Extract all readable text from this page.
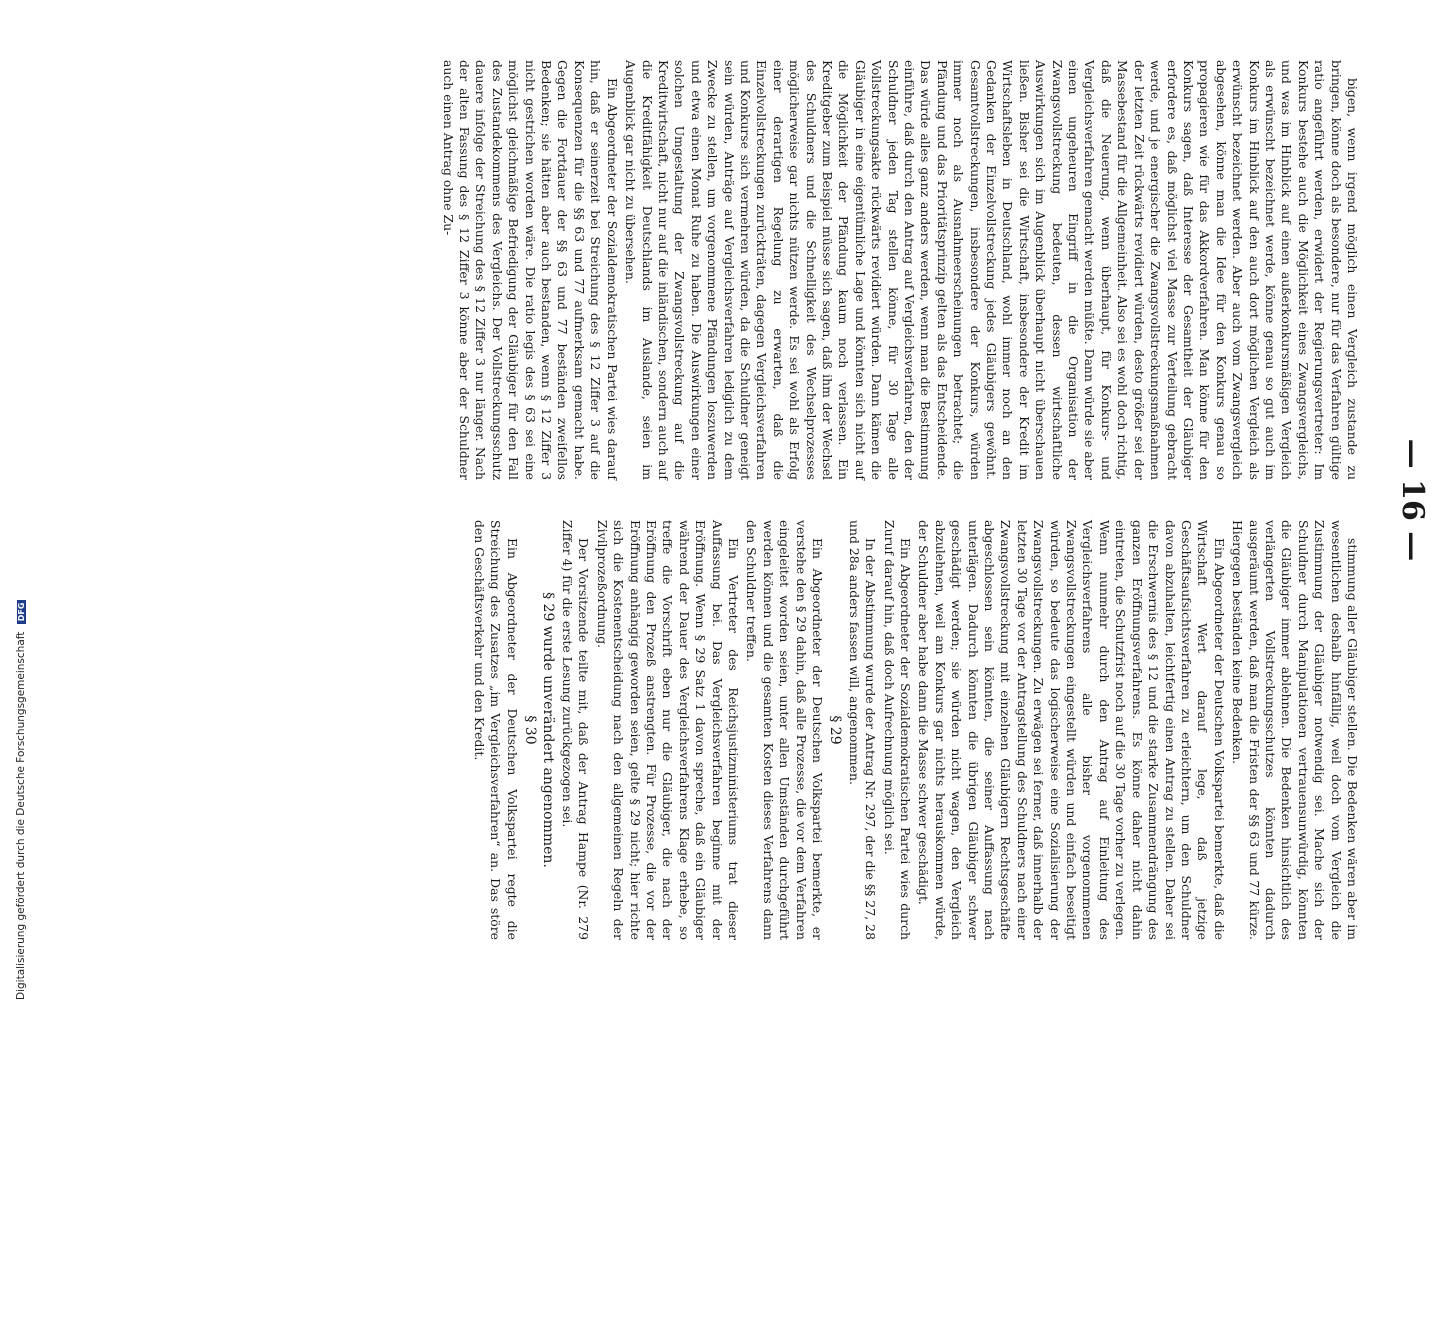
— 16 —

bigen, wenn irgend möglich einen Vergleich zustande zu bringen, könne doch als besondere, nur für das Verfahren gültige ratio angeführt werden, erwidert der Regierungsvertreter: Im Konkurs bestehe auch die Möglichkeit eines Zwangsvergleichs, und was im Hinblick auf einen außerkonkursmäßigen Vergleich als erwünscht bezeichnet werde, könne genau so gut auch im Konkurs im Hinblick auf den auch dort möglichen Vergleich als erwünscht bezeichnet werden. Aber auch vom Zwangsvergleich abgesehen, könne man die Idee für den Konkurs genau so propagieren wie für das Akkordverfahren. Man könne für den Konkurs sagen, daß Interesse der Gesamtheit der Gläubiger erfordere es, daß möglichst viel Masse zur Verteilung gebracht werde, und je energischer die Zwangsvollstreckungsmaßnahmen der letzten Zeit rückwärts revidiert würden, desto größer sei der Massebestand für die Allgemeinheit. Also sei es wohl doch richtig, daß die Neuerung, wenn überhaupt, für Konkurs- und Vergleichsverfahren gemacht werden müßte. Dann würde sie aber einen ungeheuren Eingriff in die Organisation der Zwangsvollstreckung bedeuten, dessen wirtschaftliche Auswirkungen sich im Augenblick überhaupt nicht überschauen ließen. Bisher sei die Wirtschaft, insbesondere der Kredit im Wirtschaftsleben in Deutschland, wohl immer noch an den Gedanken der Einzelvollstreckung jedes Gläubigers gewöhnt. Gesamtvollstreckungen, insbesondere der Konkurs, würden immer noch als Ausnahmeerscheinungen betrachtet; die Pfändung und das Prioritätsprinzip gelten als das Entscheidende. Das würde alles ganz anders werden, wenn man die Bestimmung einführe, daß durch den Antrag auf Vergleichsverfahren, den der Schuldner jeden Tag stellen könne, für 30 Tage alle Vollstreckungsakte rückwärts revidiert würden. Dann kämen die Gläubiger in eine eigentümliche Lage und könnten sich nicht auf die Möglichkeit der Pfändung kaum noch verlassen. Ein Kreditgeber zum Beispiel müsse sich sagen, daß ihm der Wechsel des Schuldners und die Schnelligkeit des Wechselprozesses möglicherweise gar nichts nützen werde. Es sei wohl als Erfolg einer derartigen Regelung zu erwarten, daß die Einzelvollstreckungen zurückträten, dagegen Vergleichsverfahren und Konkurse sich vermehren würden, da die Schuldner geneigt sein würden, Anträge auf Vergleichsverfahren lediglich zu dem Zwecke zu stellen, um vorgenommene Pfändungen loszuwerden und etwa einen Monat Ruhe zu haben. Die Auswirkungen einer solchen Umgestaltung der Zwangsvollstreckung auf die Kreditwirtschaft, nicht nur auf die inländischen, sondern auch auf die Kreditfähigkeit Deutschlands im Auslande, seien im Augenblick gar nicht zu übersehen.

Ein Abgeordneter der Sozialdemokratischen Partei wies darauf hin, daß er seinerzeit bei Streichung des § 12 Ziffer 3 auf die Konsequenzen für die §§ 63 und 77 aufmerksam gemacht habe. Gegen die Fortdauer der §§ 63 und 77 beständen zweifellos Bedenken; sie hätten aber auch bestanden, wenn § 12 Ziffer 3 nicht gestrichen worden wäre. Die ratio legis des § 63 sei eine möglichst gleichmäßige Befriedigung der Gläubiger für den Fall des Zustandekommens des Vergleichs. Der Vollstreckungsschutz dauere infolge der Streichung des § 12 Ziffer 3 nur länger. Nach der alten Fassung des § 12 Ziffer 3 könne aber der Schuldner auch einen Antrag ohne Zu-

stimmung aller Gläubiger stellen. Die Bedenken wären aber im wesentlichen deshalb hinfällig, weil doch vom Vergleich die Zustimmung der Gläubiger notwendig sei. Mache sich der Schuldner durch Manipulationen vertrauensunwürdig, könnten die Gläubiger immer ablehnen. Die Bedenken hinsichtlich des verlängerten Vollstreckungsschutzes könnten dadurch ausgeräumt werden, daß man die Fristen der §§ 63 und 77 kürze. Hiergegen beständen keine Bedenken.

Ein Abgeordneter der Deutschen Volkspartei bemerkte, daß die Wirtschaft Wert darauf lege, daß jetzige Geschäftsaufsichtsverfahren zu erleichtern, um den Schuldner davon abzuhalten, leichtfertig einen Antrag zu stellen. Daher sei die Erschwernis des § 12 und die starke Zusammendrängung des ganzen Eröffnungsverfahrens. Es könne daher nicht dahin eintreten, die Schutzfrist noch auf die 30 Tage vorher zu verlegen. Wenn nunmehr durch den Antrag auf Einleitung des Vergleichsverfahrens alle bisher vorgenommenen Zwangsvollstreckungen eingestellt würden und einfach beseitigt würden, so bedeute das logischerweise eine Sozialisierung der Zwangsvollstreckungen. Zu erwägen sei ferner, daß innerhalb der letzten 30 Tage vor der Antragstellung des Schuldners nach einer Zwangsvollstreckung mit einzelnen Gläubigern Rechtsgeschäfte abgeschlossen sein könnten, die seiner Auffassung nach unterlägen. Dadurch könnten die übrigen Gläubiger schwer geschädigt werden; sie würden nicht wagen, den Vergleich abzulehnen, weil am Konkurs gar nichts herauskommen würde, der Schuldner aber habe dann die Masse schwer geschädigt.

Ein Abgeordneter der Sozialdemokratischen Partei wies durch Zuruf darauf hin, daß doch Aufrechnung möglich sei.

In der Abstimmung wurde der Antrag Nr. 297, der die §§ 27, 28 und 28a anders fassen will, angenommen.

§ 29

Ein Abgeordneter der Deutschen Volkspartei bemerkte, er verstehe den § 29 dahin, daß alle Prozesse, die vor dem Verfahren eingeleitet worden seien, unter allen Umständen durchgeführt werden können und die gesamten Kosten dieses Verfahrens dann den Schuldner treffen.

Ein Vertreter des Reichsjustizministeriums trat dieser Auffassung bei. Das Vergleichsverfahren beginne mit der Eröffnung. Wenn § 29 Satz 1 davon spreche, daß ein Gläubiger während der Dauer des Vergleichsverfahrens Klage erhebe, so treffe die Vorschrift eben nur die Gläubiger, die nach der Eröffnung den Prozeß anstrengten. Für Prozesse, die vor der Eröffnung anhängig geworden seien, gelte § 29 nicht; hier richte sich die Kostenentscheidung nach den allgemeinen Regeln der Zivilprozeßordnung.

Der Vorsitzende teilte mit, daß der Antrag Hampe (Nr. 279 Ziffer 4) für die erste Lesung zurückgezogen sei.

§ 29 wurde unverändert angenommen.

§ 30

Ein Abgeordneter der Deutschen Volkspartei regte die Streichung des Zusatzes „im Vergleichsverfahren“ an. Das störe den Geschäftsverkehr und den Kredit.

Digitalisierung gefördert durch die Deutsche Forschungsgemeinschaft DFG
